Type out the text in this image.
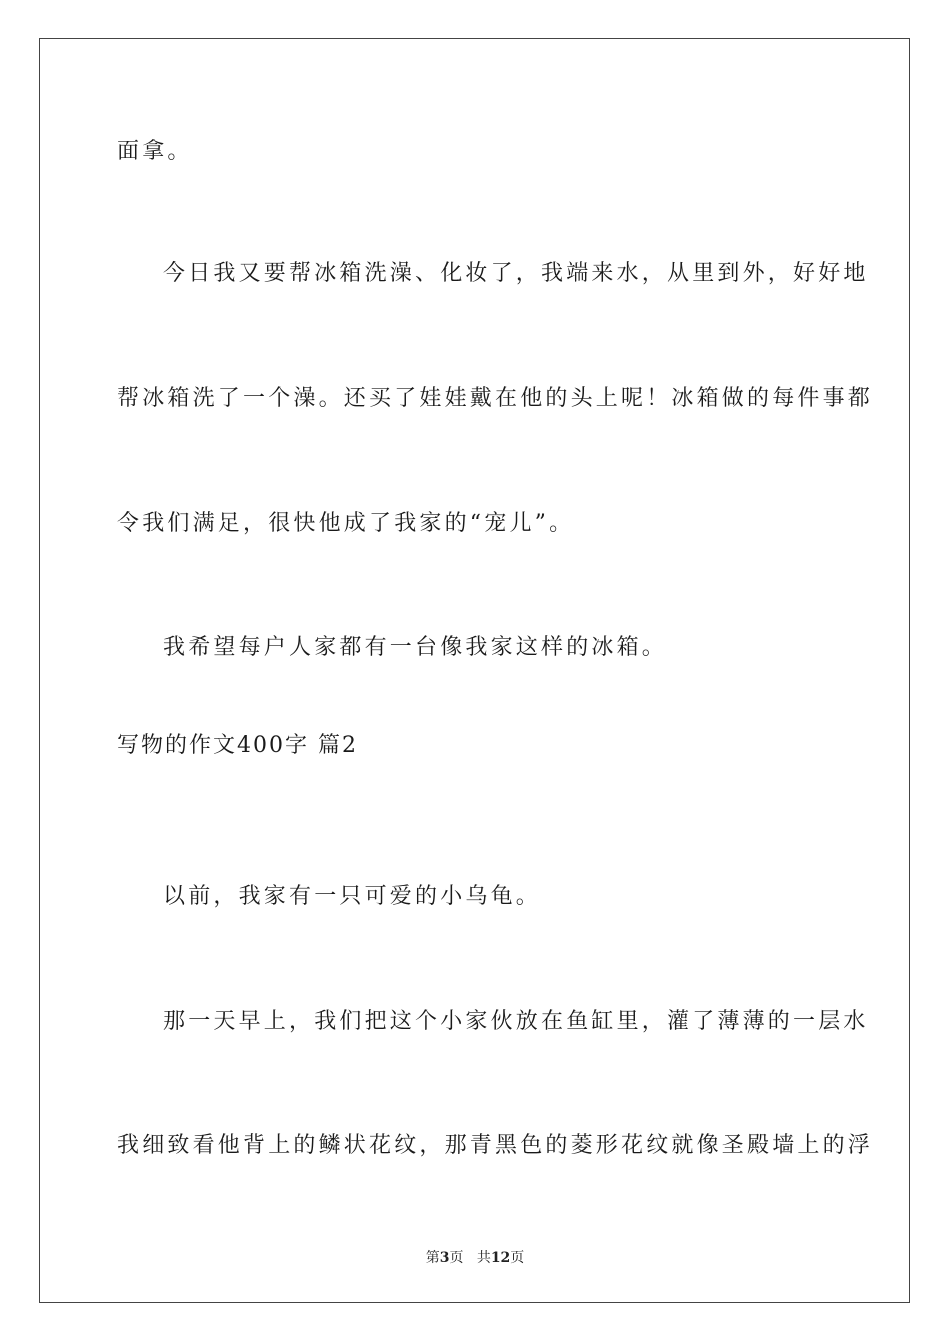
面拿。
今日我又要帮冰箱洗澡、化妆了，我端来水，从里到外，好好地
帮冰箱洗了一个澡。还买了娃娃戴在他的头上呢！冰箱做的每件事都
令我们满足，很快他成了我家的“宠儿”。
我希望每户人家都有一台像我家这样的冰箱。
写物的作文400字 篇2
以前，我家有一只可爱的小乌龟。
那一天早上，我们把这个小家伙放在鱼缸里，灌了薄薄的一层水
我细致看他背上的鳞状花纹，那青黑色的菱形花纹就像圣殿墙上的浮
第3页 共12页
